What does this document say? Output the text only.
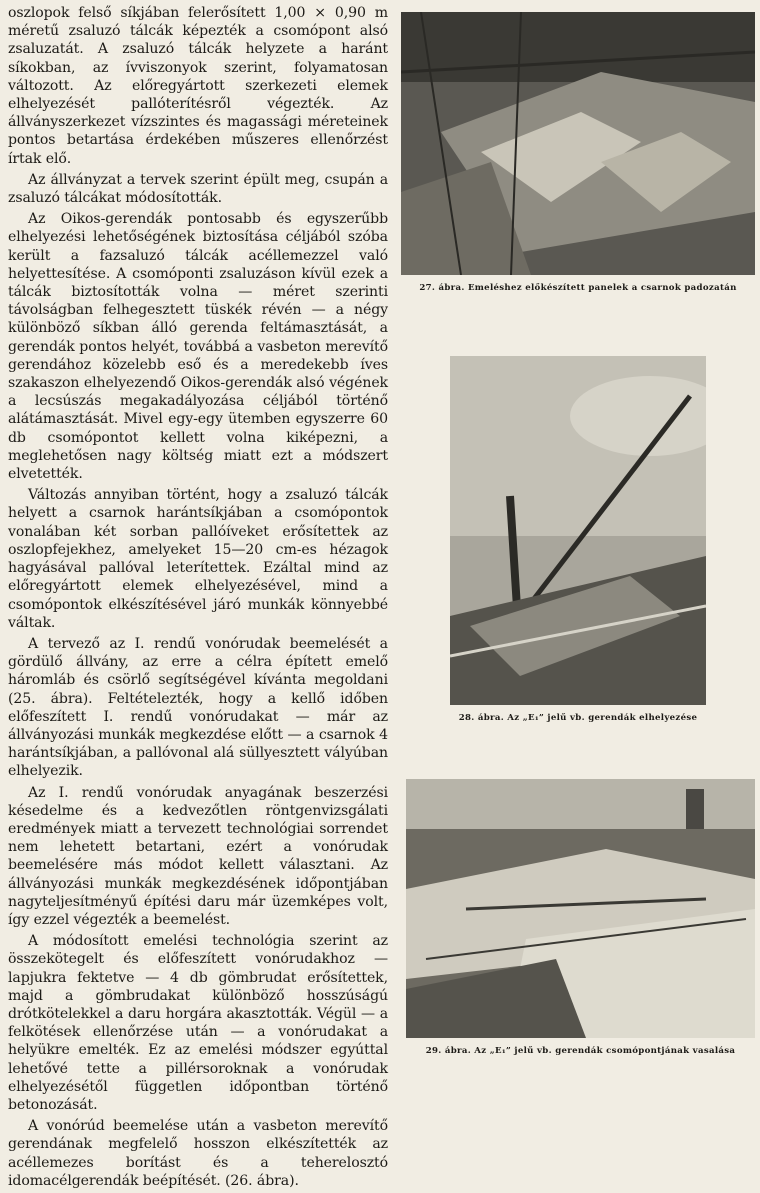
oszlopok felső síkjában felerősített 1,00 × 0,90 m méretű zsaluzó tálcák képezték a csomópont alsó zsaluzatát. A zsaluzó tálcák helyzete a haránt síkokban, az ívviszonyok szerint, folyamatosan változott. Az előregyártott szerkezeti elemek elhelyezését pallóterítésről végezték. Az állványszerkezet vízszintes és magassági méreteinek pontos betartása érdekében műszeres ellenőrzést írtak elő.

Az állványzat a tervek szerint épült meg, csupán a zsaluzó tálcákat módosították.

Az Oikos-gerendák pontosabb és egyszerűbb elhelyezési lehetőségének biztosítása céljából szóba került a fazsaluzó tálcák acéllemezzel való helyettesítése. A csomóponti zsaluzáson kívül ezek a tálcák biztosították volna — méret szerinti távolságban felhegesztett tüskék révén — a négy különböző síkban álló gerenda feltámasztását, a gerendák pontos helyét, továbbá a vasbeton merevítő gerendához közelebb eső és a meredekebb íves szakaszon elhelyezendő Oikos-gerendák alsó végének a lecsúszás megakadályozása céljából történő alátámasztását. Mivel egy-egy ütemben egyszerre 60 db csomópontot kellett volna kiképezni, a meglehetősen nagy költség miatt ezt a módszert elvetették.

Változás annyiban történt, hogy a zsaluzó tálcák helyett a csarnok harántsíkjában a csomópontok vonalában két sorban pallóíveket erősítettek az oszlopfejekhez, amelyeket 15—20 cm-es hézagok hagyásával pallóval leterítettek. Ezáltal mind az előregyártott elemek elhelyezésével, mind a csomópontok elkészítésével járó munkák könnyebbé váltak.

A tervező az I. rendű vonórudak beemelését a gördülő állvány, az erre a célra épített emelő háromláb és csörlő segítségével kívánta megoldani (25. ábra). Feltételezték, hogy a kellő időben előfeszített I. rendű vonórudakat — már az állványozási munkák megkezdése előtt — a csarnok 4 harántsíkjában, a pallóvonal alá süllyesztett vályúban elhelyezik.

Az I. rendű vonórudak anyagának beszerzési késedelme és a kedvezőtlen röntgenvizsgálati eredmények miatt a tervezett technológiai sorrendet nem lehetett betartani, ezért a vonórudak beemelésére más módot kellett választani. Az állványozási munkák megkezdésének időpontjában nagyteljesítményű építési daru már üzemképes volt, így ezzel végezték a beemelést.

A módosított emelési technológia szerint az összekötegelt és előfeszített vonórudakhoz — lapjukra fektetve — 4 db gömbrudat erősítettek, majd a gömbrudakat különböző hosszúságú drótkötelekkel a daru horgára akasztották. Végül — a felkötések ellenőrzése után — a vonórudakat a helyükre emelték. Ez az emelési módszer egyúttal lehetővé tette a pillérsoroknak a vonórudak elhelyezésétől független időpontban történő betonozását.

A vonórúd beemelése után a vasbeton merevítő gerendának megfelelő hosszon elkészítették az acéllemezes borítást és a teherelosztó idomacélgerendák beépítését. (26. ábra).

27. ábra. Emeléshez előkészített panelek a csarnok padozatán
28. ábra. Az „E₁” jelű vb. gerendák elhelyezése
29. ábra. Az „E₁” jelű vb. gerendák csomópontjának vasalása
